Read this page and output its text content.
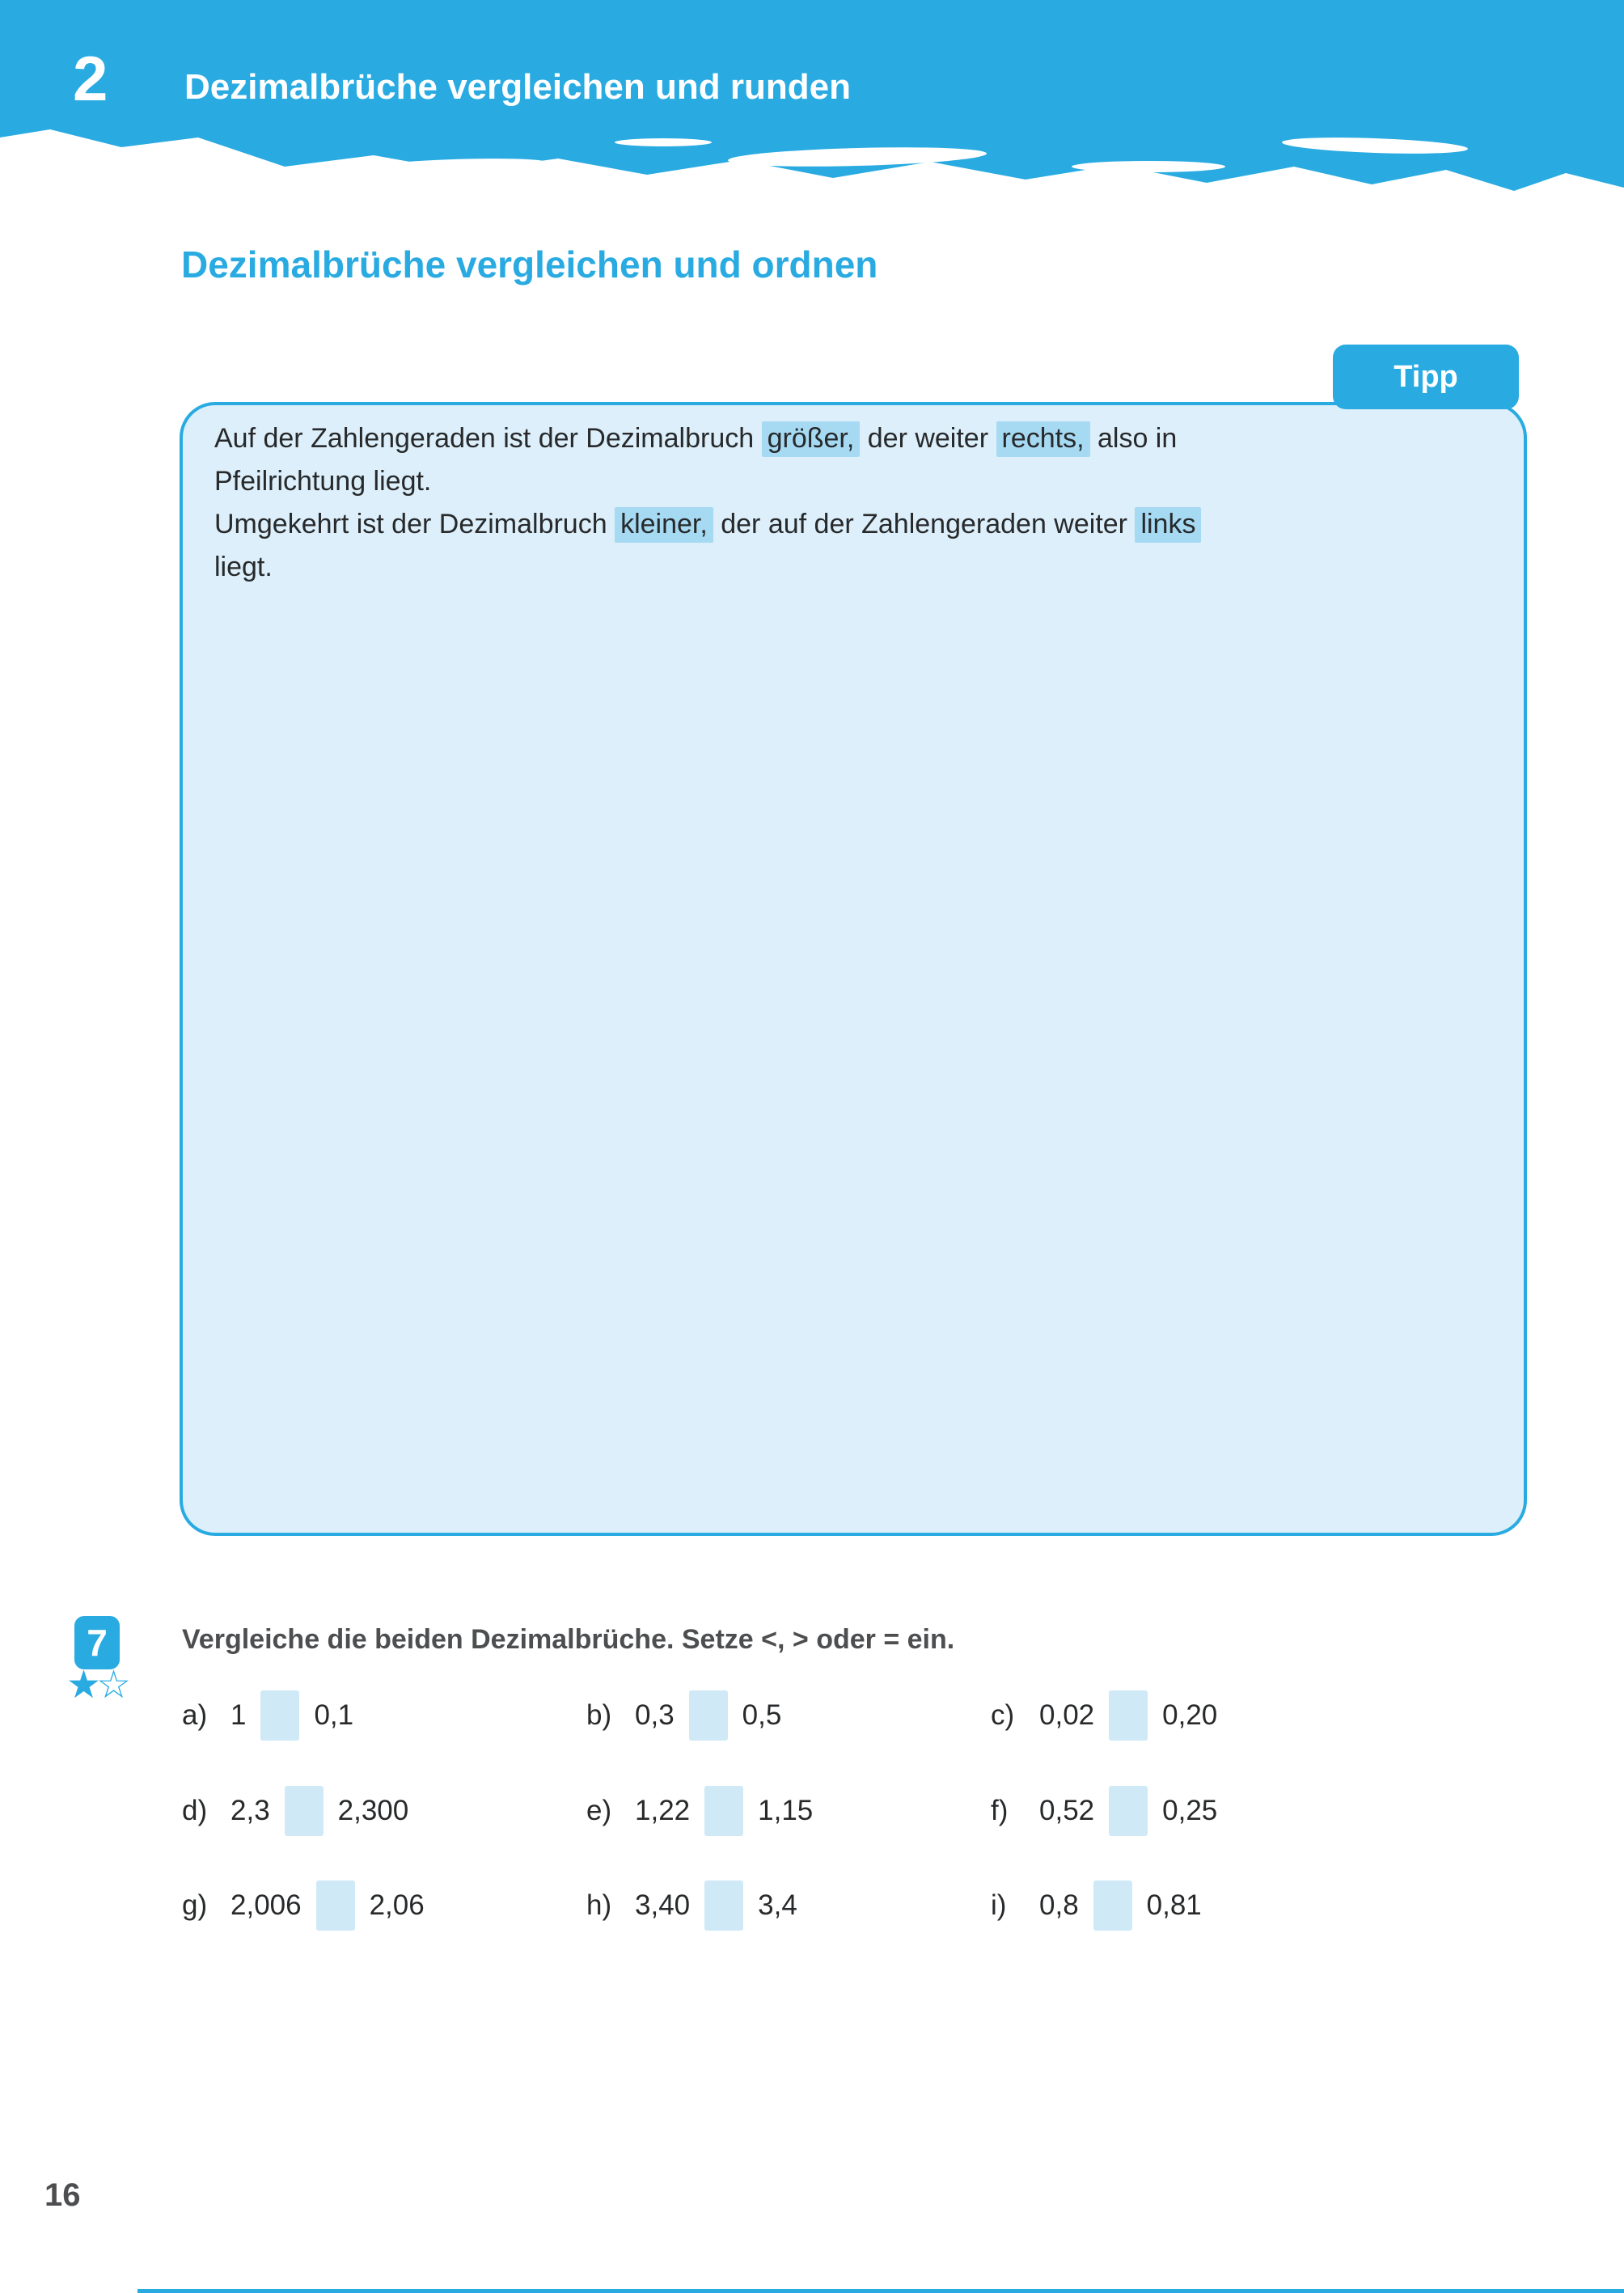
2 Dezimalbrüche vergleichen und runden
Dezimalbrüche vergleichen und ordnen
Tipp
Auf der Zahlengeraden ist der Dezimalbruch größer, der weiter rechts, also in
Pfeilrichtung liegt.
Umgekehrt ist der Dezimalbruch kleiner, der auf der Zahlengeraden weiter links
liegt.
7
★☆
Vergleiche die beiden Dezimalbrüche. Setze <, > oder = ein.
a) 1 0,1	b) 0,3 0,5	c) 0,02 0,20
d) 2,3 2,300	e) 1,22 1,15	f)	0,52 0,25
g) 2,006 2,06	h) 3,40 3,4	i)	0,8 0,81
16
